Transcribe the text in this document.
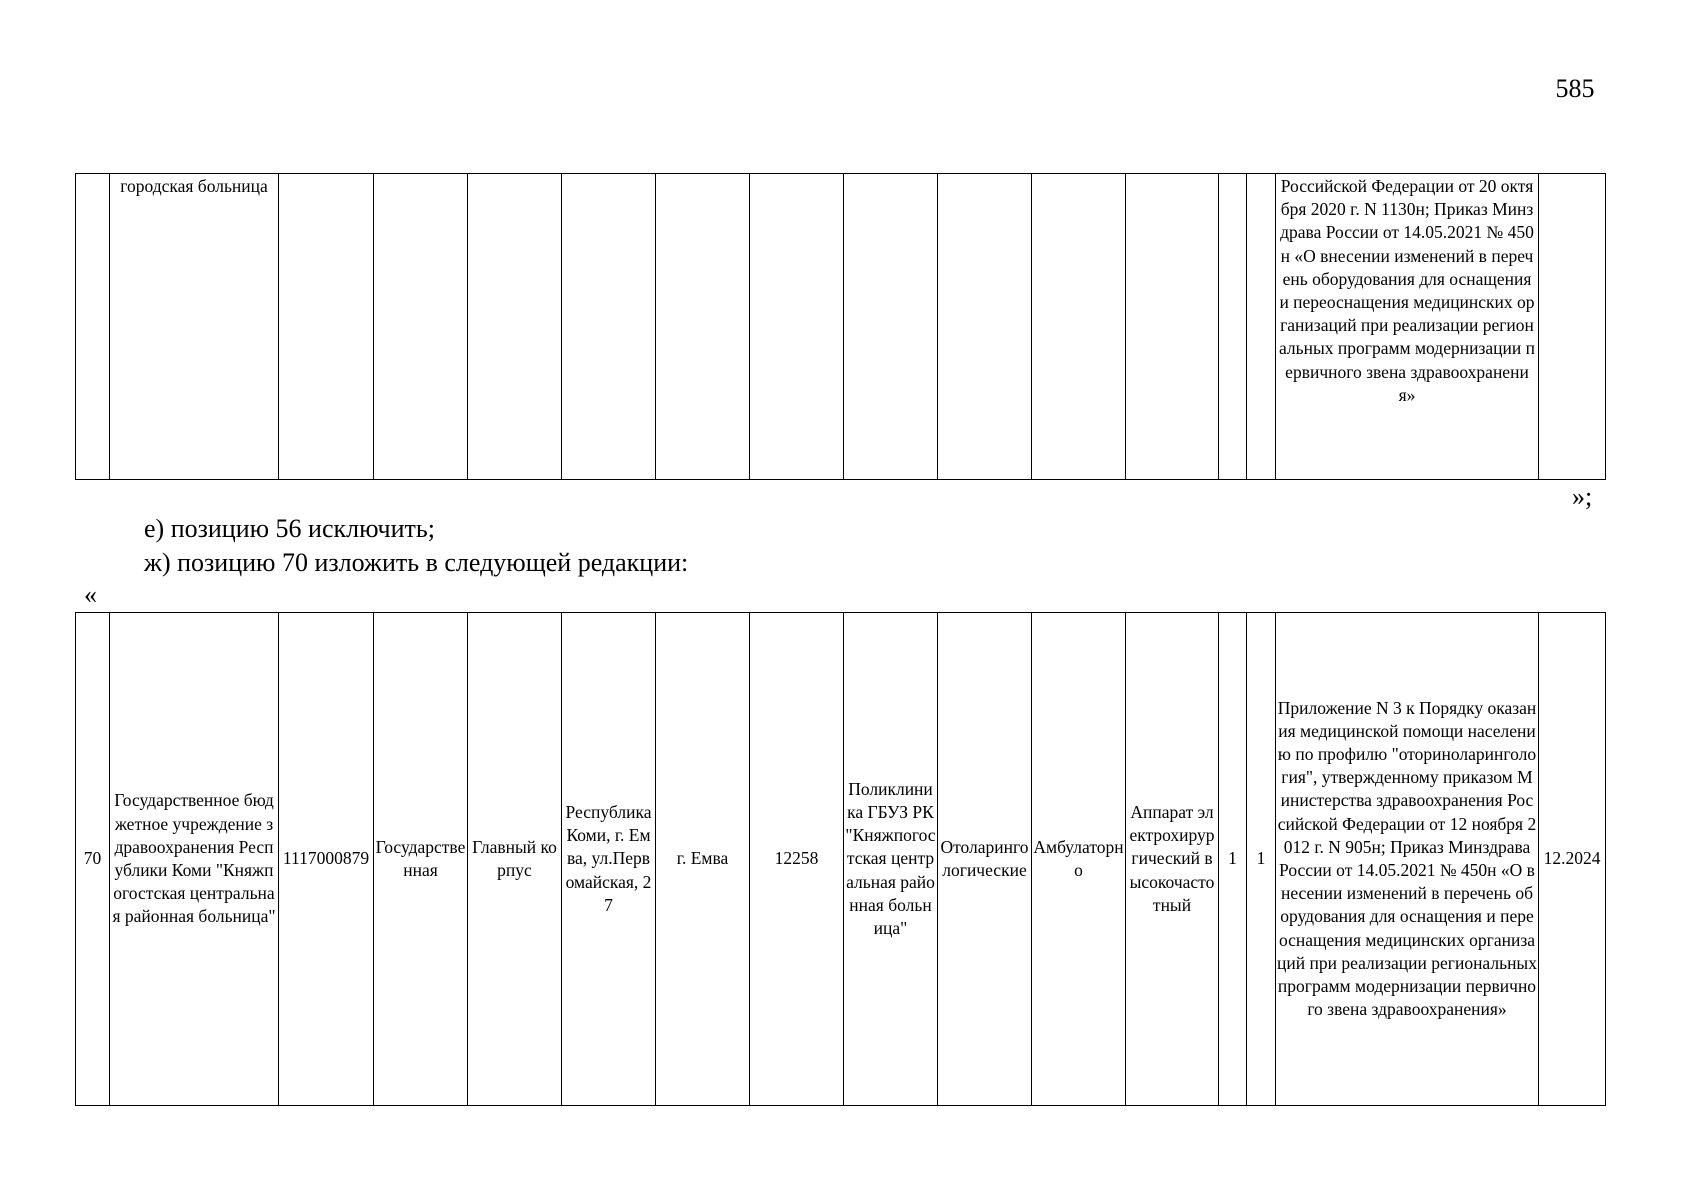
585
	городская больница													Российской Федерации от 20 октября 2020 г. N 1130н; Приказ Минздрава России от 14.05.2021 № 450н «О внесении изменений в перечень оборудования для оснащения и переоснащения медицинских организаций при реализации региональных программ модернизации первичного звена здравоохранения»	
»;
е) позицию 56 исключить;
ж) позицию 70 изложить в следующей редакции:
«
70	Государственное бюджетное учреждение здравоохранения Республики Коми "Княжпогостская центральная районная больница"	1117000879	Государственная	Главный корпус	Республика Коми, г. Емва, ул.Первомайская, 27	г. Емва	12258	Поликлиника ГБУЗ РК "Княжпогостская центральная районная больница"	Отоларингологические	Амбулаторно	Аппарат электрохирургический высокочастотный	1	1	Приложение N 3 к Порядку оказания медицинской помощи населению по профилю "оториноларингология", утвержденному приказом Министерства здравоохранения Российской Федерации от 12 ноября 2012 г. N 905н; Приказ Минздрава России от 14.05.2021 № 450н «О внесении изменений в перечень оборудования для оснащения и переоснащения медицинских организаций при реализации региональных программ модернизации первичного звена здравоохранения»	12.2024
